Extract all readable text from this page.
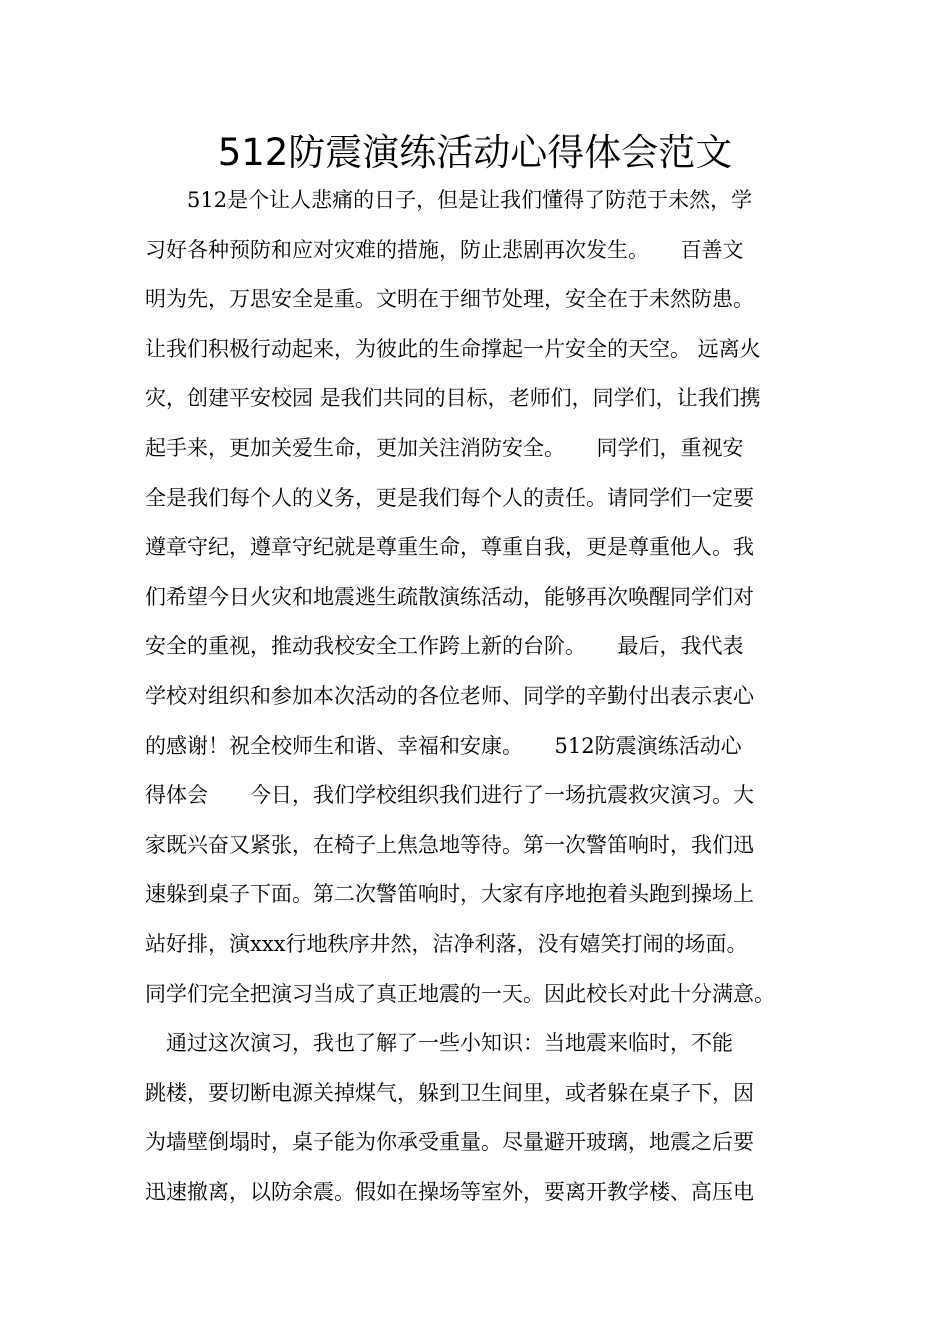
512防震演练活动心得体会范文
　　512是个让人悲痛的日子，但是让我们懂得了防范于未然，学
习好各种预防和应对灾难的措施，防止悲剧再次发生。　　百善文
明为先，万思安全是重。文明在于细节处理，安全在于未然防患。
让我们积极行动起来，为彼此的生命撑起一片安全的天空。 远离火
灾，创建平安校园 是我们共同的目标，老师们，同学们，让我们携
起手来，更加关爱生命，更加关注消防安全。　　同学们，重视安
全是我们每个人的义务，更是我们每个人的责任。请同学们一定要
遵章守纪，遵章守纪就是尊重生命，尊重自我，更是尊重他人。我
们希望今日火灾和地震逃生疏散演练活动，能够再次唤醒同学们对
安全的重视，推动我校安全工作跨上新的台阶。　　最后，我代表
学校对组织和参加本次活动的各位老师、同学的辛勤付出表示衷心
的感谢！祝全校师生和谐、幸福和安康。　　512防震演练活动心
得体会　　今日，我们学校组织我们进行了一场抗震救灾演习。大
家既兴奋又紧张，在椅子上焦急地等待。第一次警笛响时，我们迅
速躲到桌子下面。第二次警笛响时，大家有序地抱着头跑到操场上
站好排，演xxx行地秩序井然，洁净利落，没有嬉笑打闹的场面。
同学们完全把演习当成了真正地震的一天。因此校长对此十分满意。
　通过这次演习，我也了解了一些小知识：当地震来临时，不能
跳楼，要切断电源关掉煤气，躲到卫生间里，或者躲在桌子下，因
为墙壁倒塌时，桌子能为你承受重量。尽量避开玻璃，地震之后要
迅速撤离，以防余震。假如在操场等室外，要离开教学楼、高压电
